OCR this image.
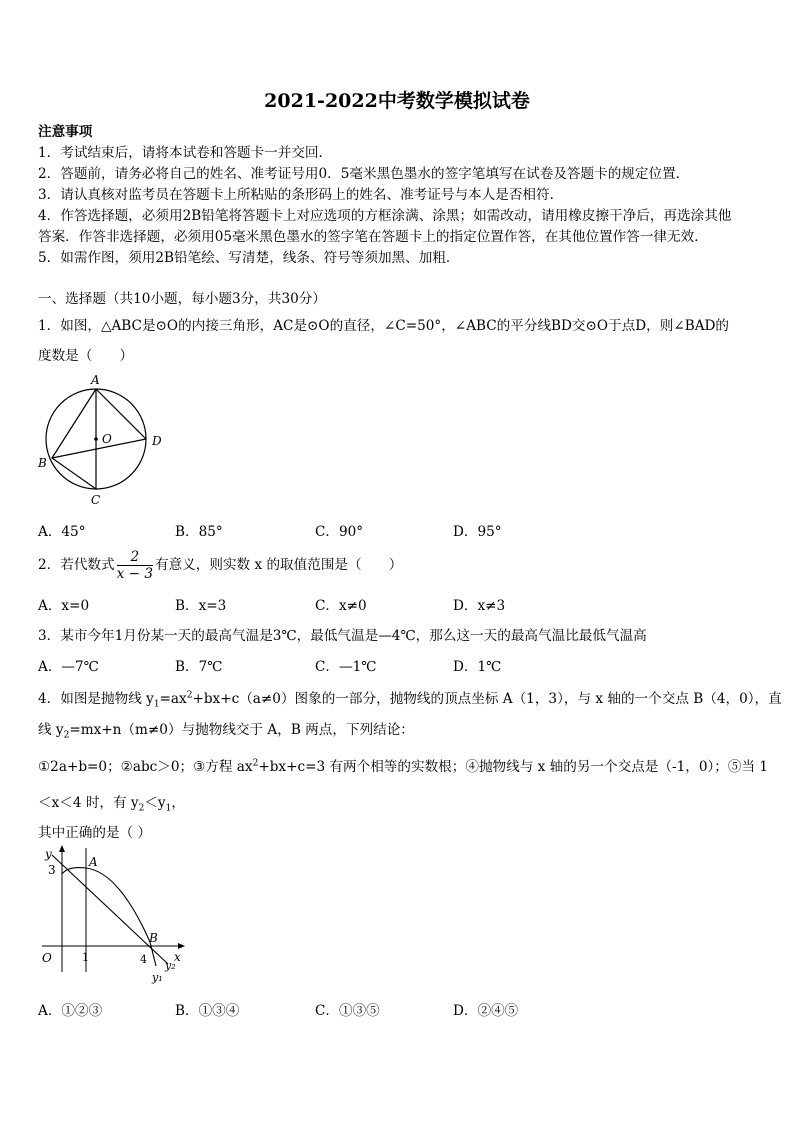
2021-2022中考数学模拟试卷
注意事项
1．考试结束后，请将本试卷和答题卡一并交回．
2．答题前，请务必将自己的姓名、准考证号用0．5毫米黑色墨水的签字笔填写在试卷及答题卡的规定位置．
3．请认真核对监考员在答题卡上所粘贴的条形码上的姓名、准考证号与本人是否相符．
4．作答选择题，必须用2B铅笔将答题卡上对应选项的方框涂满、涂黑；如需改动，请用橡皮擦干净后，再选涂其他
答案．作答非选择题，必须用05毫米黑色墨水的签字笔在答题卡上的指定位置作答，在其他位置作答一律无效．
5．如需作图，须用2B铅笔绘、写清楚，线条、符号等须加黑、加粗．
一、选择题（共10小题，每小题3分，共30分）
1．如图，△ABC是⊙O的内接三角形，AC是⊙O的直径，∠C=50°，∠ABC的平分线BD交⊙O于点D，则∠BAD的
度数是（　　）
A
O	D
B
C
A．45°	B．85°	C．90°	D．95°
2．若代数式 $\frac{2}{x - 3}$ 有意义，则实数 x 的取值范围是（　　）
A．x=0	B．x=3	C．x≠0	D．x≠3
3．某市今年1月份某一天的最高气温是3℃，最低气温是—4℃，那么这一天的最高气温比最低气温高
A．—7℃	B．7℃	C．—1℃	D．1℃
4．如图是抛物线 $y_1=ax^2+bx+c(a\ne 0)$图象的一部分，抛物线的顶点坐标 A（1，3），与 x 轴的一个交点 B（4，0），直
线 $y_2=mx+n(m\ne 0)$与抛物线交于 A，B 两点，下列结论：
①2a+b=0；②abc＞0；③方程 $ax^2+bx+c=3$ 有两个相等的实数根；④抛物线与 x 轴的另一个交点是（-1，0）；⑤当 1
＜x＜4 时，有 $y_2<y_1$，
其中正确的是（ ）
y
x
O
3
1	4
A
B
y₂
y₁
A．①②③	B．①③④	C．①③⑤	D．②④⑤
